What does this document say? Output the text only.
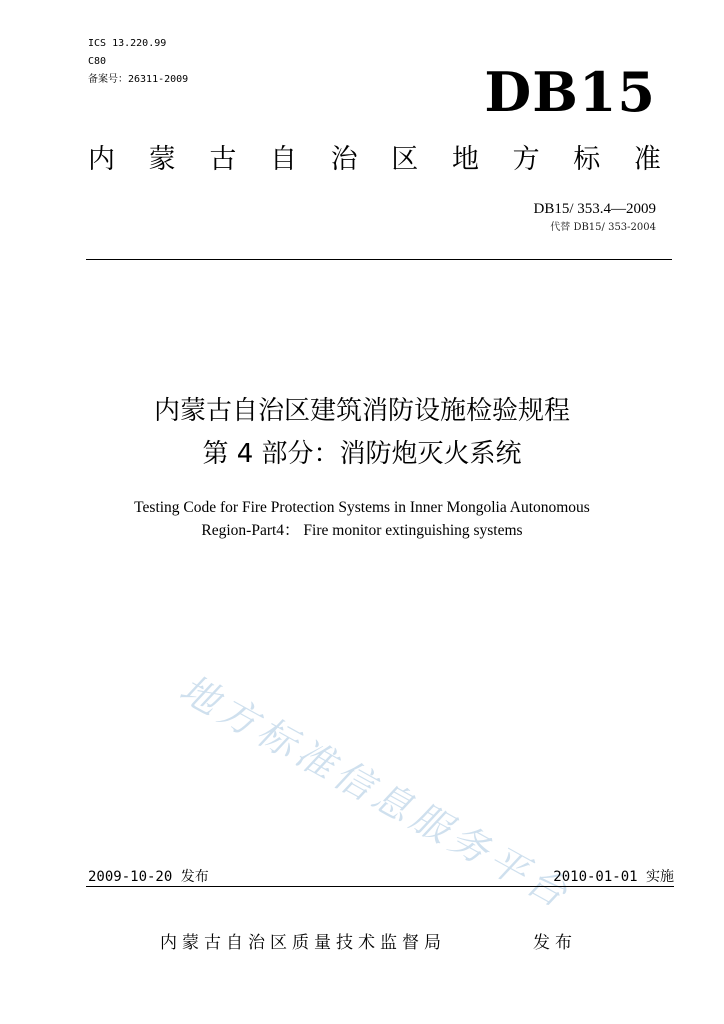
ICS 13.220.99
C80
备案号：26311-2009	DB15
内 蒙 古 自 治 区 地 方 标 准
DB15/ 353.4—2009
代替 DB15/ 353-2004
内蒙古自治区建筑消防设施检验规程
第 4 部分：消防炮灭火系统
Testing Code for Fire Protection Systems in Inner Mongolia Autonomous
Region-Part4： Fire monitor extinguishing systems
地方标准信息服务平台
2009-10-20 发布	2010-01-01 实施
内蒙古自治区质量技术监督局	发布
